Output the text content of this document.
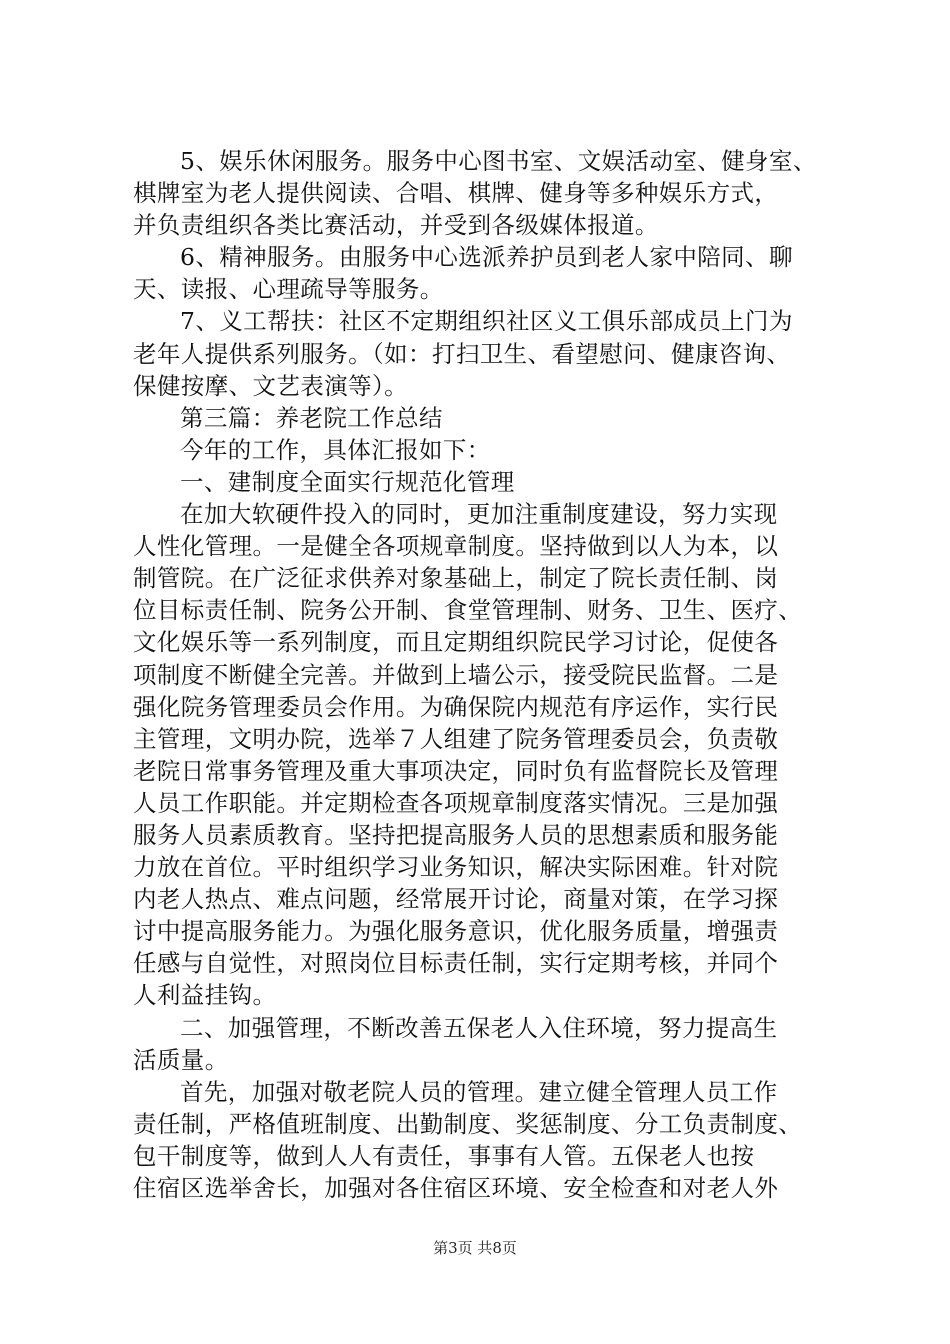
5、娱乐休闲服务。服务中心图书室、文娱活动室、健身室、
棋牌室为老人提供阅读、合唱、棋牌、健身等多种娱乐方式，
并负责组织各类比赛活动，并受到各级媒体报道。
6、精神服务。由服务中心选派养护员到老人家中陪同、聊
天、读报、心理疏导等服务。
7、义工帮扶：社区不定期组织社区义工俱乐部成员上门为
老年人提供系列服务。（如：打扫卫生、看望慰问、健康咨询、
保健按摩、文艺表演等）。
第三篇：养老院工作总结
今年的工作，具体汇报如下：
一、建制度全面实行规范化管理
在加大软硬件投入的同时，更加注重制度建设，努力实现
人性化管理。一是健全各项规章制度。坚持做到以人为本，以
制管院。在广泛征求供养对象基础上，制定了院长责任制、岗
位目标责任制、院务公开制、食堂管理制、财务、卫生、医疗、
文化娱乐等一系列制度，而且定期组织院民学习讨论，促使各
项制度不断健全完善。并做到上墙公示，接受院民监督。二是
强化院务管理委员会作用。为确保院内规范有序运作，实行民
主管理，文明办院，选举７人组建了院务管理委员会，负责敬
老院日常事务管理及重大事项决定，同时负有监督院长及管理
人员工作职能。并定期检查各项规章制度落实情况。三是加强
服务人员素质教育。坚持把提高服务人员的思想素质和服务能
力放在首位。平时组织学习业务知识，解决实际困难。针对院
内老人热点、难点问题，经常展开讨论，商量对策，在学习探
讨中提高服务能力。为强化服务意识，优化服务质量，增强责
任感与自觉性，对照岗位目标责任制，实行定期考核，并同个
人利益挂钩。
二、加强管理，不断改善五保老人入住环境，努力提高生
活质量。
首先，加强对敬老院人员的管理。建立健全管理人员工作
责任制，严格值班制度、出勤制度、奖惩制度、分工负责制度、
包干制度等，做到人人有责任，事事有人管。五保老人也按
住宿区选举舍长，加强对各住宿区环境、安全检查和对老人外
第3页 共8页
